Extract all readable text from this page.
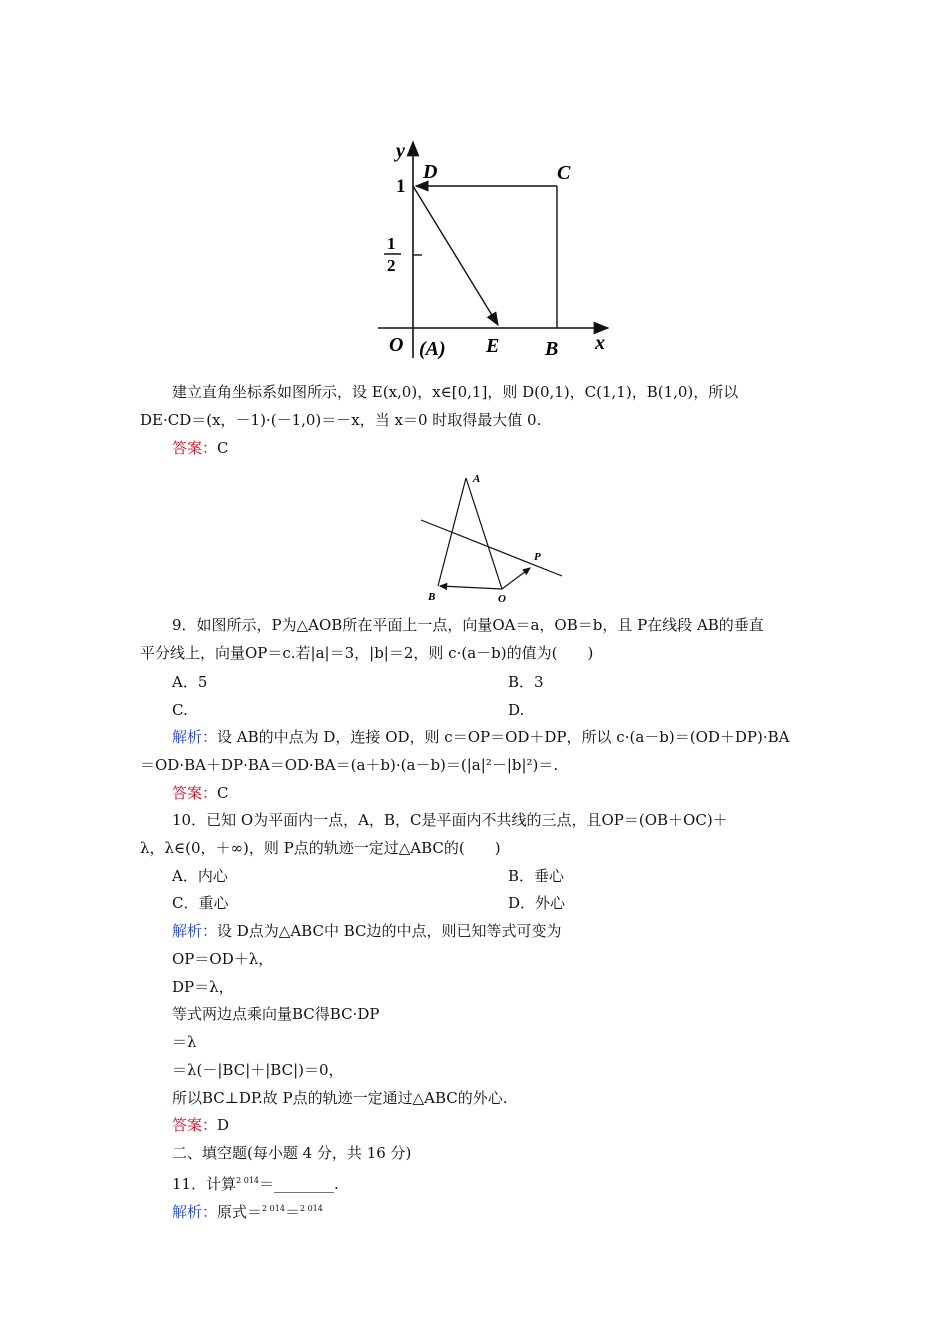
y
x
1
1
2
O (A)
D	C
E B
建立直角坐标系如图所示，设 E(x,0)，x∈[0,1]，则 D(0,1)，C(1,1)，B(1,0)，所以
DE·CD＝(x，－1)·(－1,0)＝－x，当 x＝0 时取得最大值 0.
答案：C
A
B	O
P
9．如图所示，P为△AOB所在平面上一点，向量OA＝a，OB＝b，且 P在线段 AB的垂直
平分线上，向量OP＝c.若|a|＝3，|b|＝2，则 c·(a－b)的值为(　　)
A．5	B．3
C.	D.
解析：设 AB的中点为 D，连接 OD，则 c＝OP＝OD＋DP，所以 c·(a－b)＝(OD＋DP)·BA
＝OD·BA＋DP·BA＝OD·BA＝(a＋b)·(a－b)＝(|a|²－|b|²)＝.
答案：C
10．已知 O为平面内一点，A，B，C是平面内不共线的三点，且OP＝(OB＋OC)＋
λ，λ∈(0，＋∞)，则 P点的轨迹一定过△ABC的(　　)
A．内心	B．垂心
C．重心	D．外心
解析：设 D点为△ABC中 BC边的中点，则已知等式可变为
OP＝OD＋λ，
DP＝λ，
等式两边点乘向量BC得BC·DP
＝λ
＝λ(－|BC|＋|BC|)＝0，
所以BC⊥DP.故 P点的轨迹一定通过△ABC的外心.
答案：D
二、填空题(每小题 4 分，共 16 分)
11．计算$^{2 014}$＝________.
解析：原式＝$^{2 014}$＝$^{2 014}$
